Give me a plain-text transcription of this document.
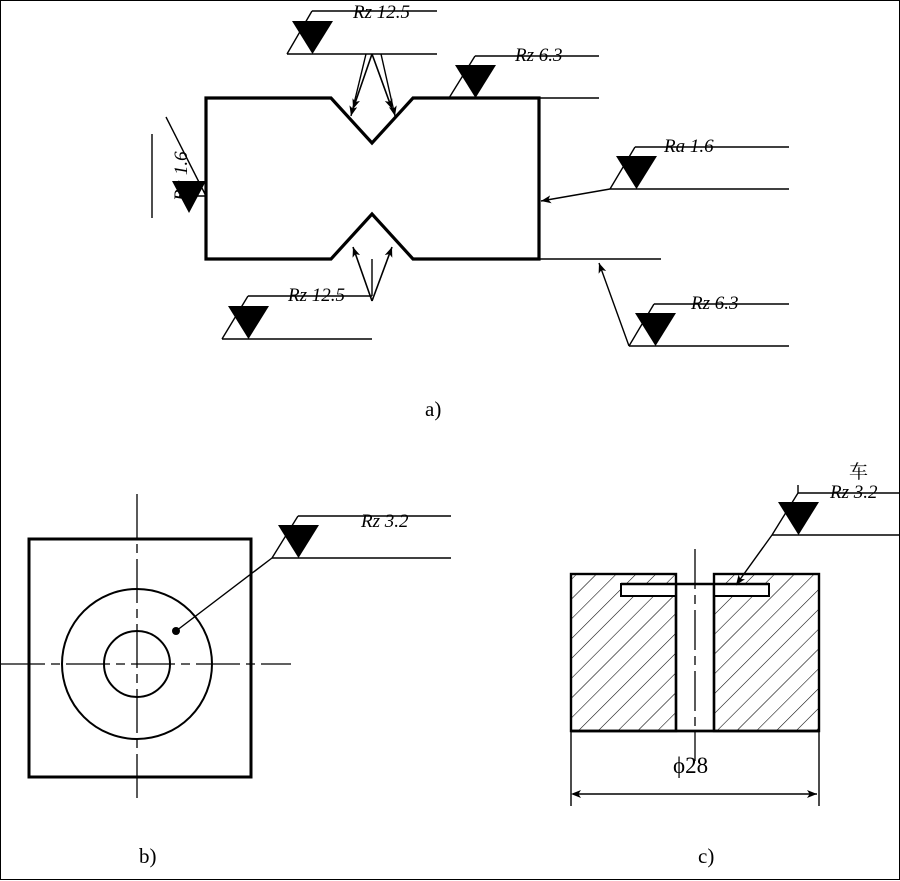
Rz 12.5
Rz 6.3
Ra 1.6
Ra 1.6
Rz 12.5	Rz 6.3
Rz 3.2
车
Rz 3.2
ϕ28
a)
b)	c)
